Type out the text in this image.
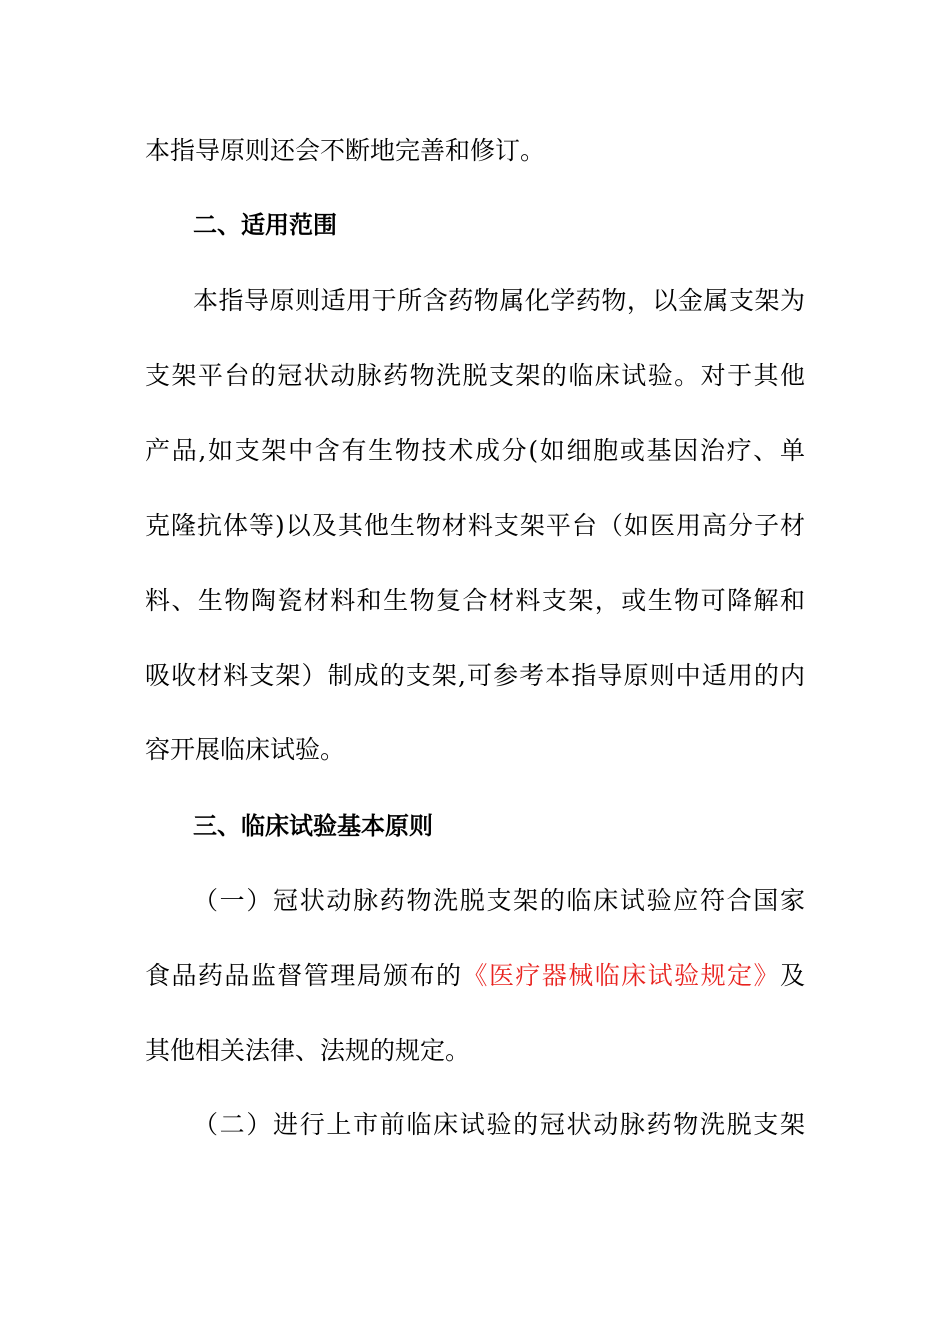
本指导原则还会不断地完善和修订。
二、适用范围
本指导原则适用于所含药物属化学药物，以金属支架为
支架平台的冠状动脉药物洗脱支架的临床试验。对于其他
产品,如支架中含有生物技术成分(如细胞或基因治疗、单
克隆抗体等)以及其他生物材料支架平台（如医用高分子材
料、生物陶瓷材料和生物复合材料支架，或生物可降解和
吸收材料支架）制成的支架,可参考本指导原则中适用的内
容开展临床试验。
三、临床试验基本原则
（一）冠状动脉药物洗脱支架的临床试验应符合国家
食品药品监督管理局颁布的《医疗器械临床试验规定》及
其他相关法律、法规的规定。
（二）进行上市前临床试验的冠状动脉药物洗脱支架
